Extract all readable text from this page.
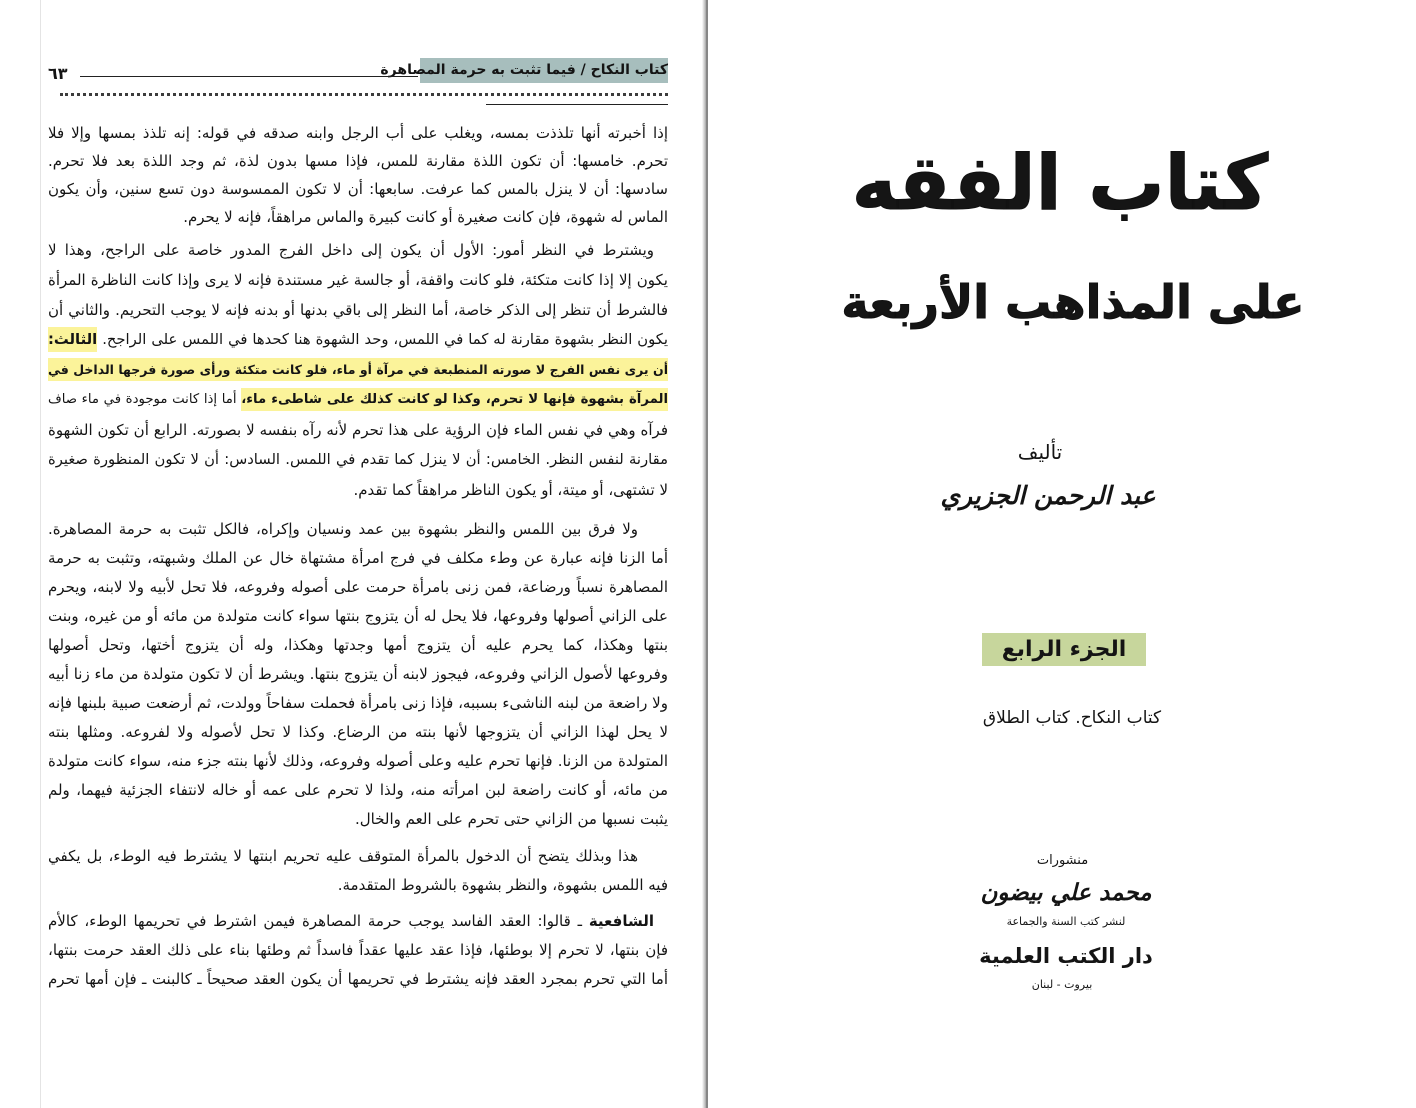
كتاب النكاح / فيما تثبت به حرمة المصاهرة
٦٣
إذا أخبرته أنها تلذذت بمسه، ويغلب على أب الرجل وابنه صدقه في قوله: إنه تلذذ بمسها وإلا فلا
تحرم. خامسها: أن تكون اللذة مقارنة للمس، فإذا مسها بدون لذة، ثم وجد اللذة بعد فلا تحرم.
سادسها: أن لا ينزل بالمس كما عرفت. سابعها: أن لا تكون الممسوسة دون تسع سنين، وأن يكون
الماس له شهوة، فإن كانت صغيرة أو كانت كبيرة والماس مراهقاً، فإنه لا يحرم.
ويشترط في النظر أمور: الأول أن يكون إلى داخل الفرج المدور خاصة على الراجح، وهذا لا
يكون إلا إذا كانت متكئة، فلو كانت واقفة، أو جالسة غير مستندة فإنه لا يرى وإذا كانت الناظرة المرأة
فالشرط أن تنظر إلى الذكر خاصة، أما النظر إلى باقي بدنها أو بدنه فإنه لا يوجب التحريم. والثاني أن
يكون النظر بشهوة مقارنة له كما في اللمس، وحد الشهوة هنا كحدها في اللمس على الراجح. الثالث:
أن يرى نفس الفرج لا صورته المنطبعة في مرآة أو ماء، فلو كانت متكئة ورأى صورة فرجها الداخل في
المرآة بشهوة فإنها لا تحرم، وكذا لو كانت كذلك على شاطىء ماء، أما إذا كانت موجودة في ماء صاف
فرآه وهي في نفس الماء فإن الرؤية على هذا تحرم لأنه رآه بنفسه لا بصورته. الرابع أن تكون الشهوة
مقارنة لنفس النظر. الخامس: أن لا ينزل كما تقدم في اللمس. السادس: أن لا تكون المنظورة صغيرة
لا تشتهى، أو ميتة، أو يكون الناظر مراهقاً كما تقدم.
ولا فرق بين اللمس والنظر بشهوة بين عمد ونسيان وإكراه، فالكل تثبت به حرمة المصاهرة.
أما الزنا فإنه عبارة عن وطء مكلف في فرج امرأة مشتهاة خال عن الملك وشبهته، وتثبت به حرمة
المصاهرة نسباً ورضاعة، فمن زنى بامرأة حرمت على أصوله وفروعه، فلا تحل لأبيه ولا لابنه، ويحرم
على الزاني أصولها وفروعها، فلا يحل له أن يتزوج بنتها سواء كانت متولدة من مائه أو من غيره، وبنت
بنتها وهكذا، كما يحرم عليه أن يتزوج أمها وجدتها وهكذا، وله أن يتزوج أختها، وتحل أصولها
وفروعها لأصول الزاني وفروعه، فيجوز لابنه أن يتزوج بنتها. ويشرط أن لا تكون متولدة من ماء زنا أبيه
ولا راضعة من لبنه الناشىء بسببه، فإذا زنى بامرأة فحملت سفاحاً وولدت، ثم أرضعت صبية بلبنها فإنه
لا يحل لهذا الزاني أن يتزوجها لأنها بنته من الرضاع. وكذا لا تحل لأصوله ولا لفروعه. ومثلها بنته
المتولدة من الزنا. فإنها تحرم عليه وعلى أصوله وفروعه، وذلك لأنها بنته جزء منه، سواء كانت متولدة
من مائه، أو كانت راضعة لبن امرأته منه، ولذا لا تحرم على عمه أو خاله لانتفاء الجزئية فيهما، ولم
يثبت نسبها من الزاني حتى تحرم على العم والخال.
هذا وبذلك يتضح أن الدخول بالمرأة المتوقف عليه تحريم ابنتها لا يشترط فيه الوطء، بل يكفي
فيه اللمس بشهوة، والنظر بشهوة بالشروط المتقدمة.
الشافعية ـ قالوا: العقد الفاسد يوجب حرمة المصاهرة فيمن اشترط في تحريمها الوطء، كالأم
فإن بنتها، لا تحرم إلا بوطئها، فإذا عقد عليها عقداً فاسداً ثم وطئها بناء على ذلك العقد حرمت بنتها،
أما التي تحرم بمجرد العقد فإنه يشترط في تحريمها أن يكون العقد صحيحاً ـ كالبنت ـ فإن أمها تحرم
كتاب الفقه
على المذاهب الأربعة
تأليف
عبد الرحمن الجزيري
الجزء الرابع
كتاب النكاح. كتاب الطلاق
منشورات
محمد علي بيضون
لنشر كتب السنة والجماعة
دار الكتب العلمية
بيروت - لبنان
